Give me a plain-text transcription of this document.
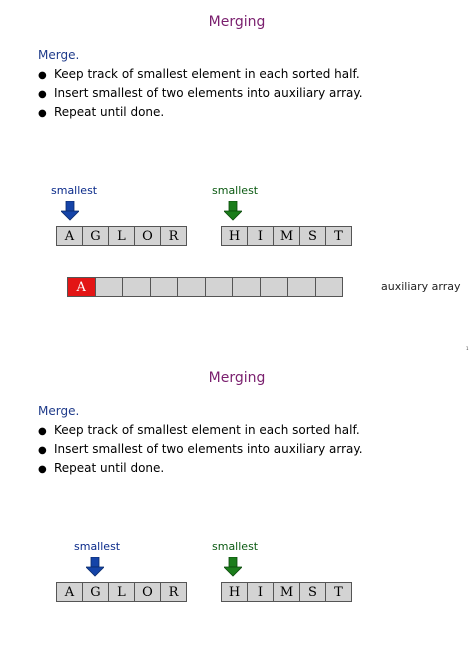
Merging
Merge.
● Keep track of smallest element in each sorted half.
● Insert smallest of two elements into auxiliary array.
● Repeat until done.
smallest	smallest
A	G	L	O	R	H	I	M	S	T
A	auxiliary array
1
Merging
Merge.
● Keep track of smallest element in each sorted half.
● Insert smallest of two elements into auxiliary array.
● Repeat until done.
smallest	smallest
A	G	L	O	R	H	I	M	S	T
